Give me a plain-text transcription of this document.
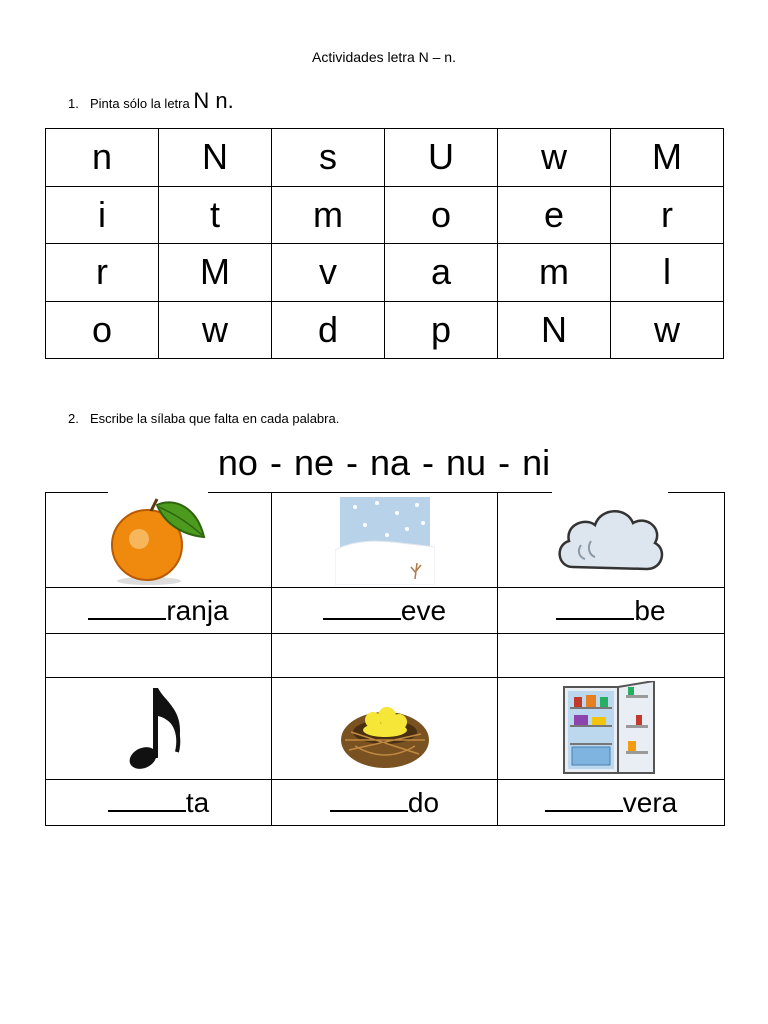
Actividades letra N – n.
1. Pinta sólo la letra N n.
n	N	s	U	w	M
i	t	m	o	e	r
r	M	v	a	m	l
o	w	d	p	N	w
2. Escribe la sílaba que falta en cada palabra.
no - ne - na - nu - ni

ranja	eve	be

ta	do	vera
